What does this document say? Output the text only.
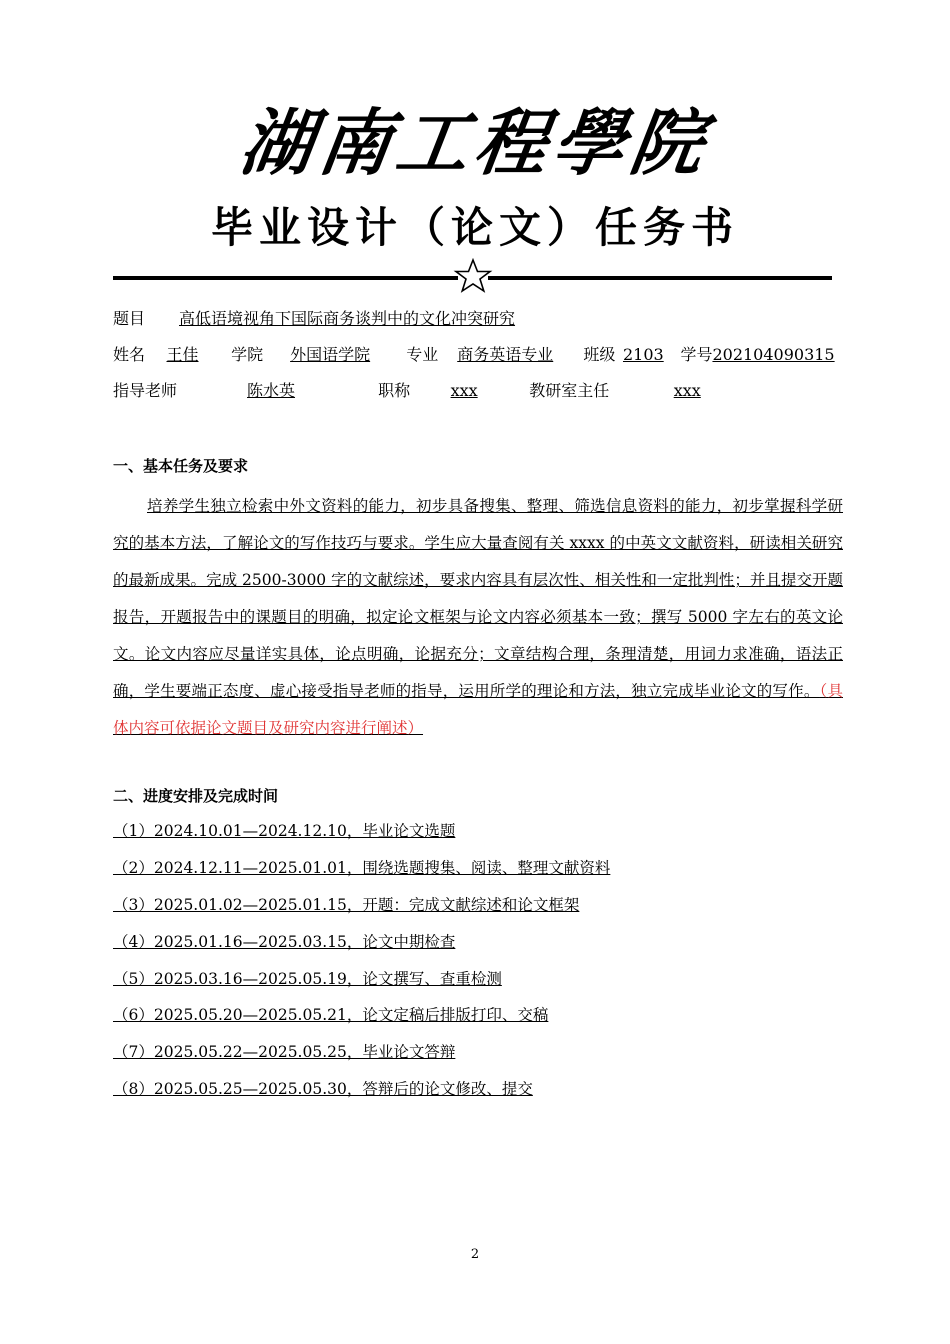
湖南工程學院
毕业设计（论文）任务书
题目 高低语境视角下国际商务谈判中的文化冲突研究
姓名 王佳 学院 外国语学院 专业 商务英语专业 班级 2103 学号202104090315
指导老师	陈水英	职称	xxx	教研室主任	xxx
一、基本任务及要求
培养学生独立检索中外文资料的能力，初步具备搜集、整理、筛选信息资料的能力，初步掌握科学研究的基本方法，了解论文的写作技巧与要求。学生应大量查阅有关 xxxx 的中英文文献资料，研读相关研究的最新成果。完成 2500-3000 字的文献综述，要求内容具有层次性、相关性和一定批判性；并且提交开题报告，开题报告中的课题目的明确，拟定论文框架与论文内容必须基本一致；撰写 5000 字左右的英文论文。论文内容应尽量详实具体，论点明确，论据充分；文章结构合理，条理清楚，用词力求准确，语法正确，学生要端正态度、虚心接受指导老师的指导，运用所学的理论和方法，独立完成毕业论文的写作。（具体内容可依据论文题目及研究内容进行阐述）
二、进度安排及完成时间
（1）2024.10.01—2024.12.10，毕业论文选题
（2）2024.12.11—2025.01.01，围绕选题搜集、阅读、整理文献资料
（3）2025.01.02—2025.01.15，开题：完成文献综述和论文框架
（4）2025.01.16—2025.03.15，论文中期检查
（5）2025.03.16—2025.05.19，论文撰写、查重检测
（6）2025.05.20—2025.05.21，论文定稿后排版打印、交稿
（7）2025.05.22—2025.05.25，毕业论文答辩
（8）2025.05.25—2025.05.30，答辩后的论文修改、提交
2
